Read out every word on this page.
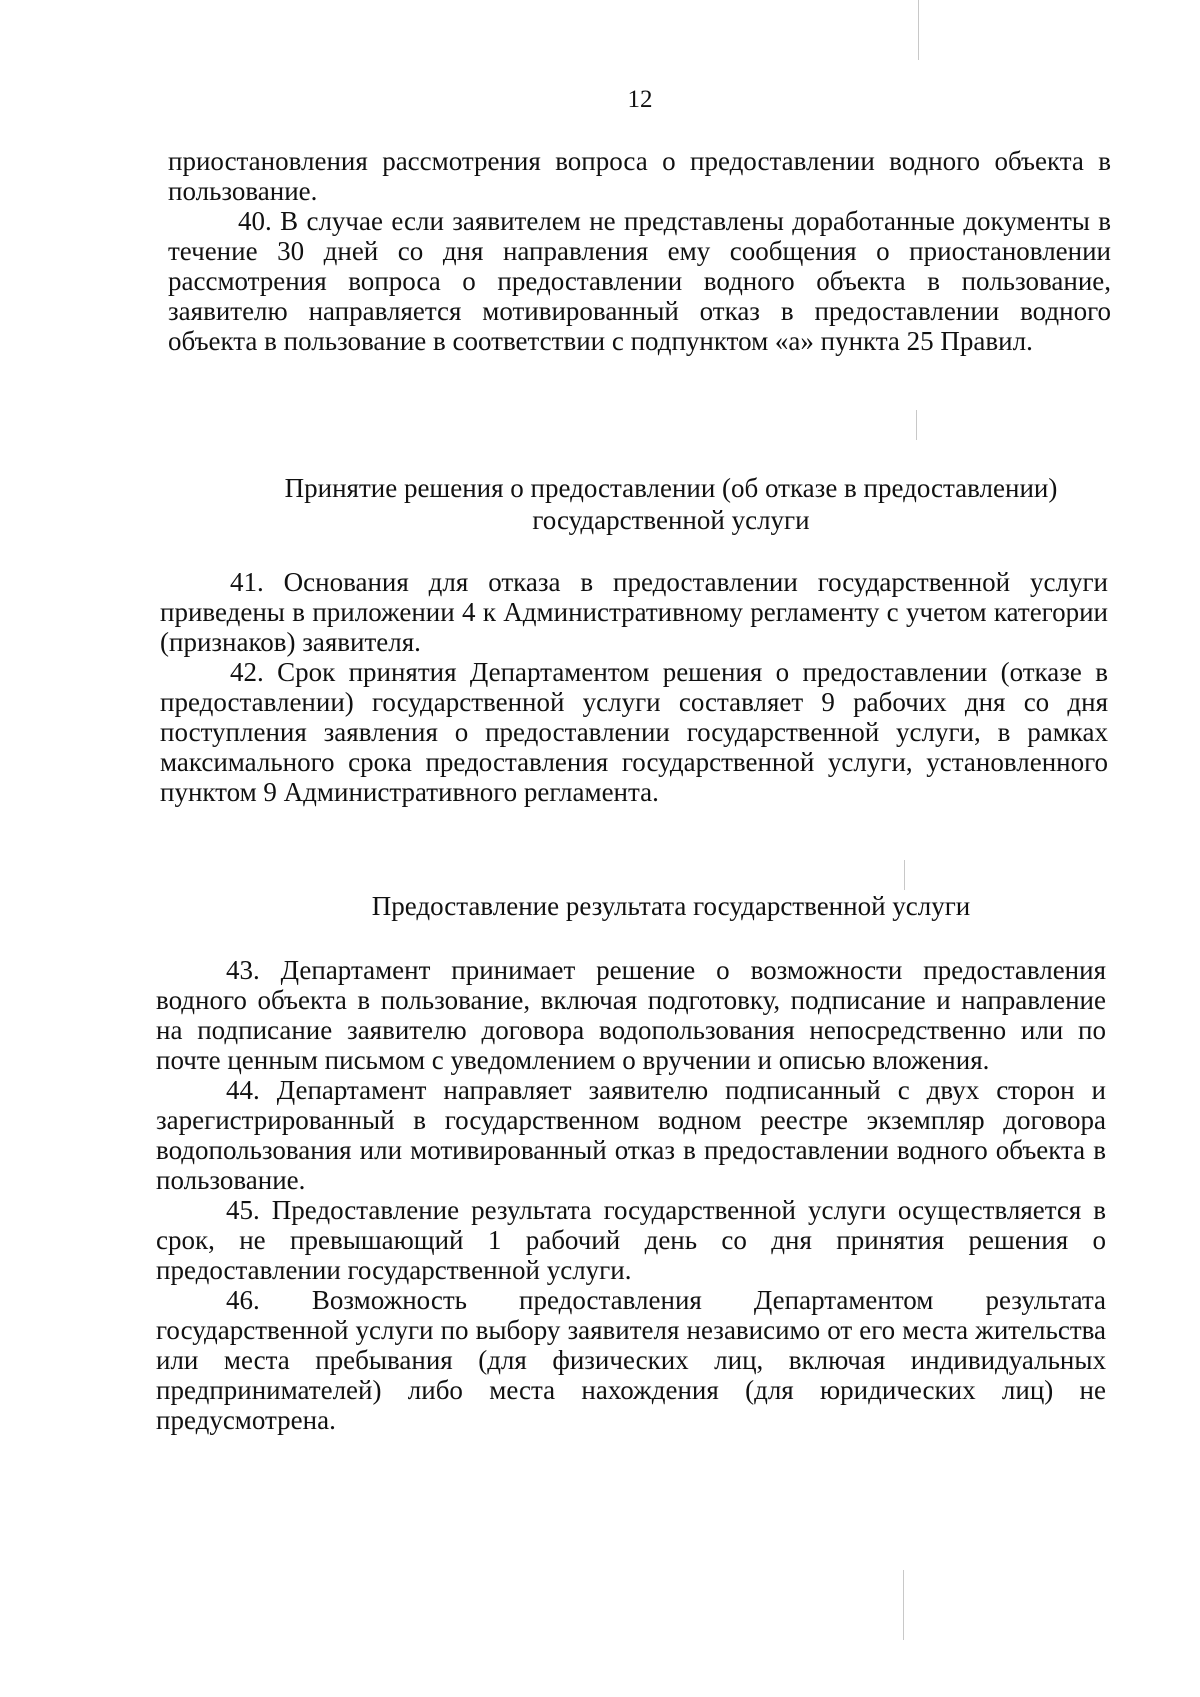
12

приостановления рассмотрения вопроса о предоставлении водного объекта в пользование.

40. В случае если заявителем не представлены доработанные документы в течение 30 дней со дня направления ему сообщения о приостановлении рассмотрения вопроса о предоставлении водного объекта в пользование, заявителю направляется мотивированный отказ в предоставлении водного объекта в пользование в соответствии с подпунктом «а» пункта 25 Правил.

Принятие решения о предоставлении (об отказе в предоставлении)
государственной услуги

41. Основания для отказа в предоставлении государственной услуги приведены в приложении 4 к Административному регламенту с учетом категории (признаков) заявителя.

42. Срок принятия Департаментом решения о предоставлении (отказе в предоставлении) государственной услуги составляет 9 рабочих дня со дня поступления заявления о предоставлении государственной услуги, в рамках максимального срока предоставления государственной услуги, установленного пунктом 9 Административного регламента.

Предоставление результата государственной услуги

43. Департамент принимает решение о возможности предоставления водного объекта в пользование, включая подготовку, подписание и направление на подписание заявителю договора водопользования непосредственно или по почте ценным письмом с уведомлением о вручении и описью вложения.

44. Департамент направляет заявителю подписанный с двух сторон и зарегистрированный в государственном водном реестре экземпляр договора водопользования или мотивированный отказ в предоставлении водного объекта в пользование.

45. Предоставление результата государственной услуги осуществляется в срок, не превышающий 1 рабочий день со дня принятия решения о предоставлении государственной услуги.

46. Возможность предоставления Департаментом результата государственной услуги по выбору заявителя независимо от его места жительства или места пребывания (для физических лиц, включая индивидуальных предпринимателей) либо места нахождения (для юридических лиц) не предусмотрена.
